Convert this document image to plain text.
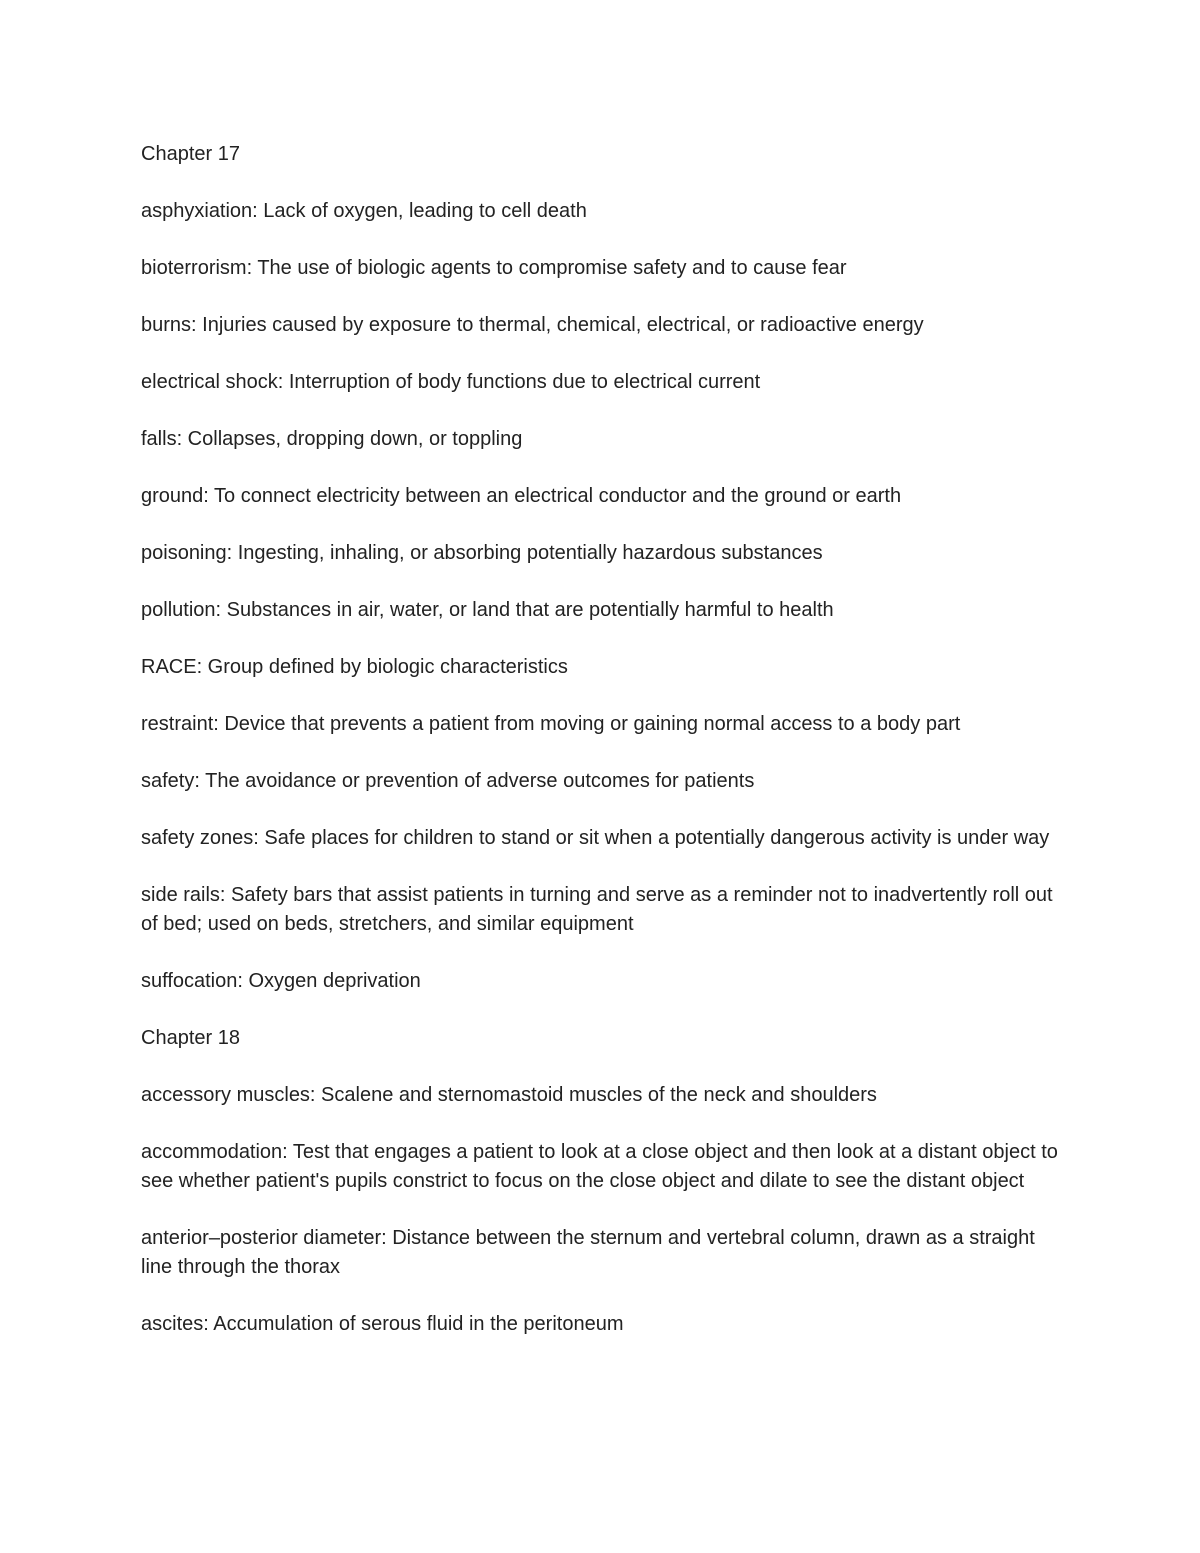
Chapter 17

asphyxiation: Lack of oxygen, leading to cell death

bioterrorism: The use of biologic agents to compromise safety and to cause fear

burns: Injuries caused by exposure to thermal, chemical, electrical, or radioactive energy

electrical shock: Interruption of body functions due to electrical current

falls: Collapses, dropping down, or toppling

ground: To connect electricity between an electrical conductor and the ground or earth

poisoning: Ingesting, inhaling, or absorbing potentially hazardous substances

pollution: Substances in air, water, or land that are potentially harmful to health

RACE: Group defined by biologic characteristics

restraint: Device that prevents a patient from moving or gaining normal access to a body part

safety: The avoidance or prevention of adverse outcomes for patients

safety zones: Safe places for children to stand or sit when a potentially dangerous activity is under way

side rails: Safety bars that assist patients in turning and serve as a reminder not to inadvertently roll out of bed; used on beds, stretchers, and similar equipment

suffocation: Oxygen deprivation

Chapter 18

accessory muscles: Scalene and sternomastoid muscles of the neck and shoulders

accommodation: Test that engages a patient to look at a close object and then look at a distant object to see whether patient's pupils constrict to focus on the close object and dilate to see the distant object

anterior–posterior diameter: Distance between the sternum and vertebral column, drawn as a straight line through the thorax

ascites: Accumulation of serous fluid in the peritoneum
